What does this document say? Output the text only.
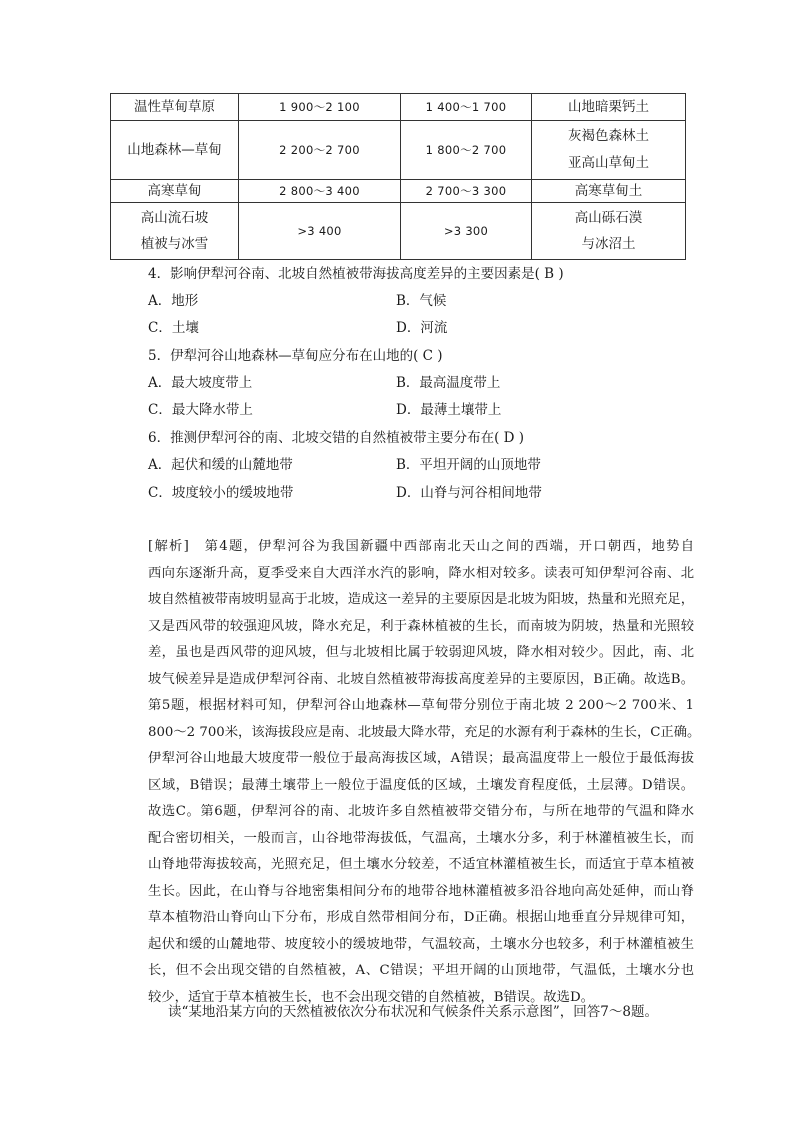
温性草甸草原	1 900～2 100	1 400～1 700	山地暗栗钙土
山地森林—草甸	2 200～2 700	1 800～2 700	灰褐色森林土
亚高山草甸土
高寒草甸	2 800～3 400	2 700～3 300	高寒草甸土
高山流石坡
植被与冰雪	>3 400	>3 300	高山砾石漠
与冰沼土
4．影响伊犁河谷南、北坡自然植被带海拔高度差异的主要因素是( B )
A．地形	B．气候
C．土壤	D．河流
5．伊犁河谷山地森林—草甸应分布在山地的( C )
A．最大坡度带上	B．最高温度带上
C．最大降水带上	D．最薄土壤带上
6．推测伊犁河谷的南、北坡交错的自然植被带主要分布在( D )
A．起伏和缓的山麓地带	B．平坦开阔的山顶地带
C．坡度较小的缓坡地带	D．山脊与河谷相间地带
[解析]　第4题，伊犁河谷为我国新疆中西部南北天山之间的西端，开口朝西，地势自
西向东逐渐升高，夏季受来自大西洋水汽的影响，降水相对较多。读表可知伊犁河谷南、北
坡自然植被带南坡明显高于北坡，造成这一差异的主要原因是北坡为阳坡，热量和光照充足，
又是西风带的较强迎风坡，降水充足，利于森林植被的生长，而南坡为阴坡，热量和光照较
差，虽也是西风带的迎风坡，但与北坡相比属于较弱迎风坡，降水相对较少。因此，南、北
坡气候差异是造成伊犁河谷南、北坡自然植被带海拔高度差异的主要原因，B正确。故选B。
第5题，根据材料可知，伊犁河谷山地森林—草甸带分别位于南北坡 2 200～2 700米、1
800～2 700米，该海拔段应是南、北坡最大降水带，充足的水源有利于森林的生长，C正确。
伊犁河谷山地最大坡度带一般位于最高海拔区域，A错误；最高温度带上一般位于最低海拔
区域，B错误；最薄土壤带上一般位于温度低的区域，土壤发育程度低，土层薄。D错误。
故选C。第6题，伊犁河谷的南、北坡许多自然植被带交错分布，与所在地带的气温和降水
配合密切相关，一般而言，山谷地带海拔低，气温高，土壤水分多，利于林灌植被生长，而
山脊地带海拔较高，光照充足，但土壤水分较差，不适宜林灌植被生长，而适宜于草本植被
生长。因此，在山脊与谷地密集相间分布的地带谷地林灌植被多沿谷地向高处延伸，而山脊
草本植物沿山脊向山下分布，形成自然带相间分布，D正确。根据山地垂直分异规律可知，
起伏和缓的山麓地带、坡度较小的缓坡地带，气温较高，土壤水分也较多，利于林灌植被生
长，但不会出现交错的自然植被，A、C错误；平坦开阔的山顶地带，气温低，土壤水分也
较少，适宜于草本植被生长，也不会出现交错的自然植被，B错误。故选D。
读“某地沿某方向的天然植被依次分布状况和气候条件关系示意图”，回答7～8题。
